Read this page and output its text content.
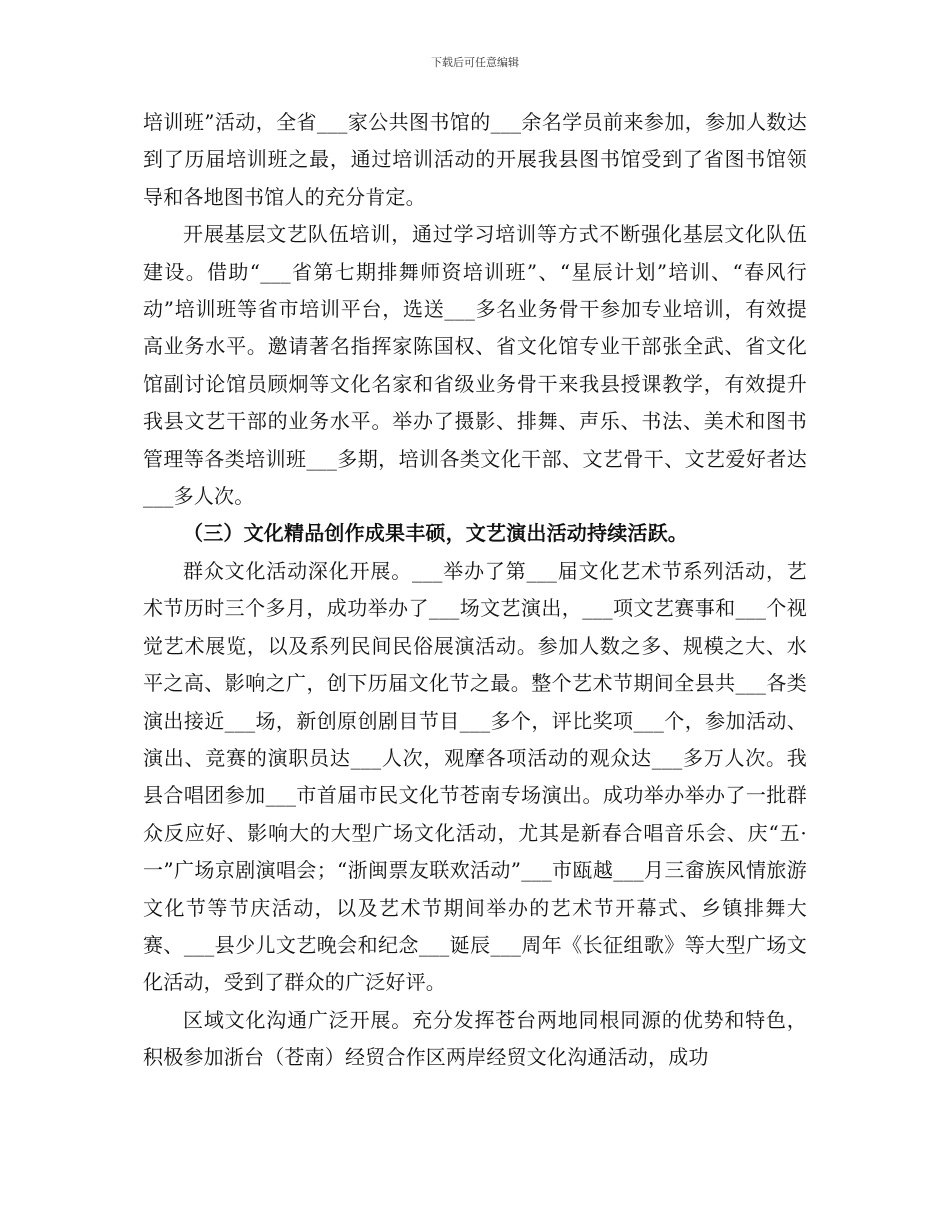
下载后可任意编辑

培训班”活动，全省___家公共图书馆的___余名学员前来参加，参加人数达到了历届培训班之最，通过培训活动的开展我县图书馆受到了省图书馆领导和各地图书馆人的充分肯定。

开展基层文艺队伍培训，通过学习培训等方式不断强化基层文化队伍建设。借助“___省第七期排舞师资培训班”、“星辰计划”培训、“春风行动”培训班等省市培训平台，选送___多名业务骨干参加专业培训，有效提高业务水平。邀请著名指挥家陈国权、省文化馆专业干部张全武、省文化馆副讨论馆员顾炯等文化名家和省级业务骨干来我县授课教学，有效提升我县文艺干部的业务水平。举办了摄影、排舞、声乐、书法、美术和图书管理等各类培训班___多期，培训各类文化干部、文艺骨干、文艺爱好者达___多人次。

（三）文化精品创作成果丰硕，文艺演出活动持续活跃。

群众文化活动深化开展。___举办了第___届文化艺术节系列活动，艺术节历时三个多月，成功举办了___场文艺演出，___项文艺赛事和___个视觉艺术展览，以及系列民间民俗展演活动。参加人数之多、规模之大、水平之高、影响之广，创下历届文化节之最。整个艺术节期间全县共___各类演出接近___场，新创原创剧目节目___多个，评比奖项___个，参加活动、演出、竞赛的演职员达___人次，观摩各项活动的观众达___多万人次。我县合唱团参加___市首届市民文化节苍南专场演出。成功举办举办了一批群众反应好、影响大的大型广场文化活动，尤其是新春合唱音乐会、庆“五·一”广场京剧演唱会；“浙闽票友联欢活动”___市瓯越___月三畲族风情旅游文化节等节庆活动，以及艺术节期间举办的艺术节开幕式、乡镇排舞大赛、___县少儿文艺晚会和纪念___诞辰___周年《长征组歌》等大型广场文化活动，受到了群众的广泛好评。

区域文化沟通广泛开展。充分发挥苍台两地同根同源的优势和特色，积极参加浙台（苍南）经贸合作区两岸经贸文化沟通活动，成功
